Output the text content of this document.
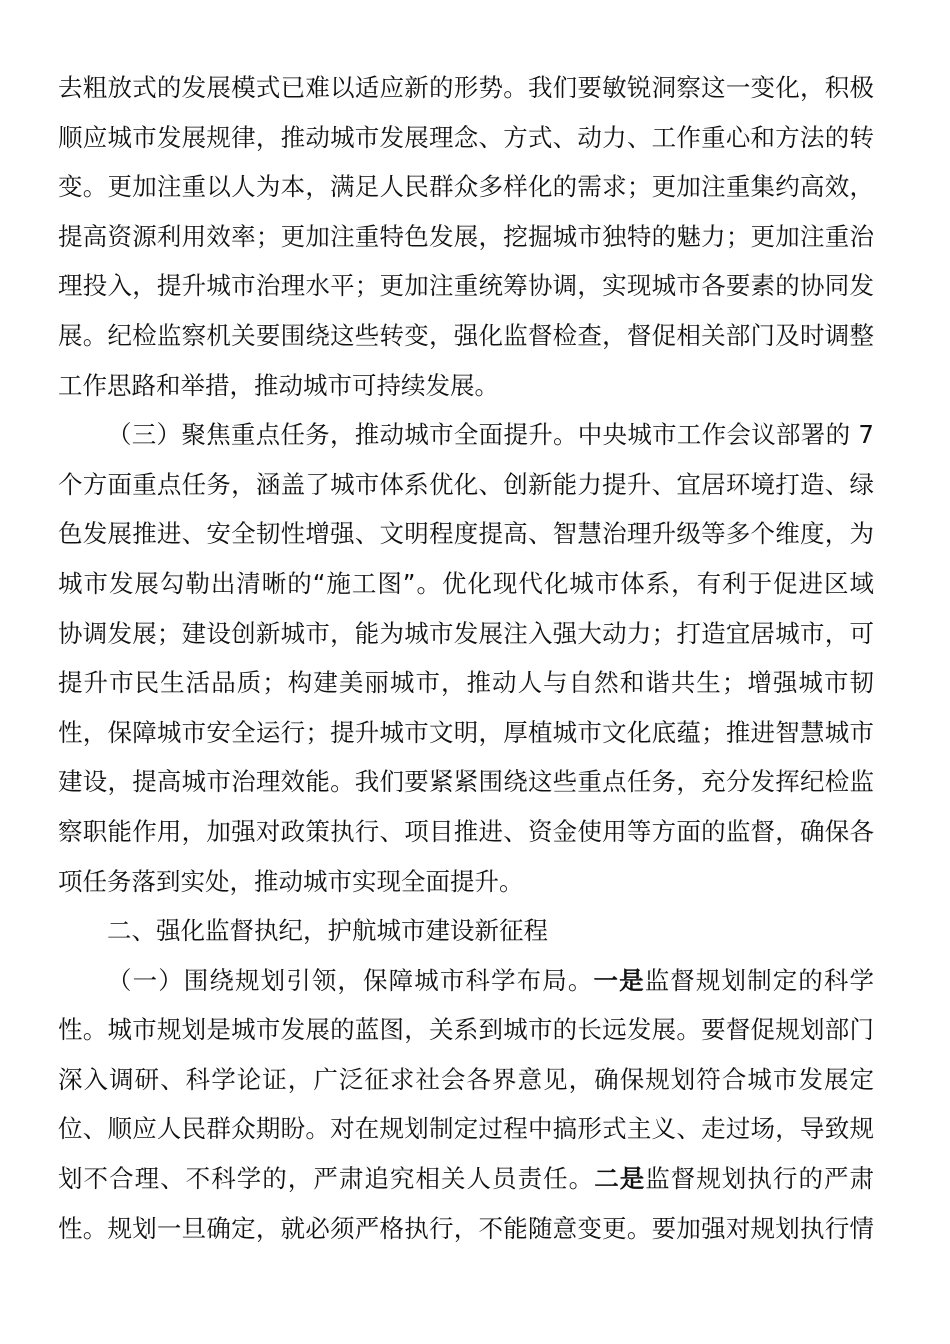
去粗放式的发展模式已难以适应新的形势。我们要敏锐洞察这一变化，积极
顺应城市发展规律，推动城市发展理念、方式、动力、工作重心和方法的转
变。更加注重以人为本，满足人民群众多样化的需求；更加注重集约高效，
提高资源利用效率；更加注重特色发展，挖掘城市独特的魅力；更加注重治
理投入，提升城市治理水平；更加注重统筹协调，实现城市各要素的协同发
展。纪检监察机关要围绕这些转变，强化监督检查，督促相关部门及时调整
工作思路和举措，推动城市可持续发展。
（三）聚焦重点任务，推动城市全面提升。中央城市工作会议部署的 7
个方面重点任务，涵盖了城市体系优化、创新能力提升、宜居环境打造、绿
色发展推进、安全韧性增强、文明程度提高、智慧治理升级等多个维度，为
城市发展勾勒出清晰的“施工图”。优化现代化城市体系，有利于促进区域
协调发展；建设创新城市，能为城市发展注入强大动力；打造宜居城市，可
提升市民生活品质；构建美丽城市，推动人与自然和谐共生；增强城市韧
性，保障城市安全运行；提升城市文明，厚植城市文化底蕴；推进智慧城市
建设，提高城市治理效能。我们要紧紧围绕这些重点任务，充分发挥纪检监
察职能作用，加强对政策执行、项目推进、资金使用等方面的监督，确保各
项任务落到实处，推动城市实现全面提升。
二、强化监督执纪，护航城市建设新征程
（一）围绕规划引领，保障城市科学布局。一是监督规划制定的科学
性。城市规划是城市发展的蓝图，关系到城市的长远发展。要督促规划部门
深入调研、科学论证，广泛征求社会各界意见，确保规划符合城市发展定
位、顺应人民群众期盼。对在规划制定过程中搞形式主义、走过场，导致规
划不合理、不科学的，严肃追究相关人员责任。二是监督规划执行的严肃
性。规划一旦确定，就必须严格执行，不能随意变更。要加强对规划执行情
